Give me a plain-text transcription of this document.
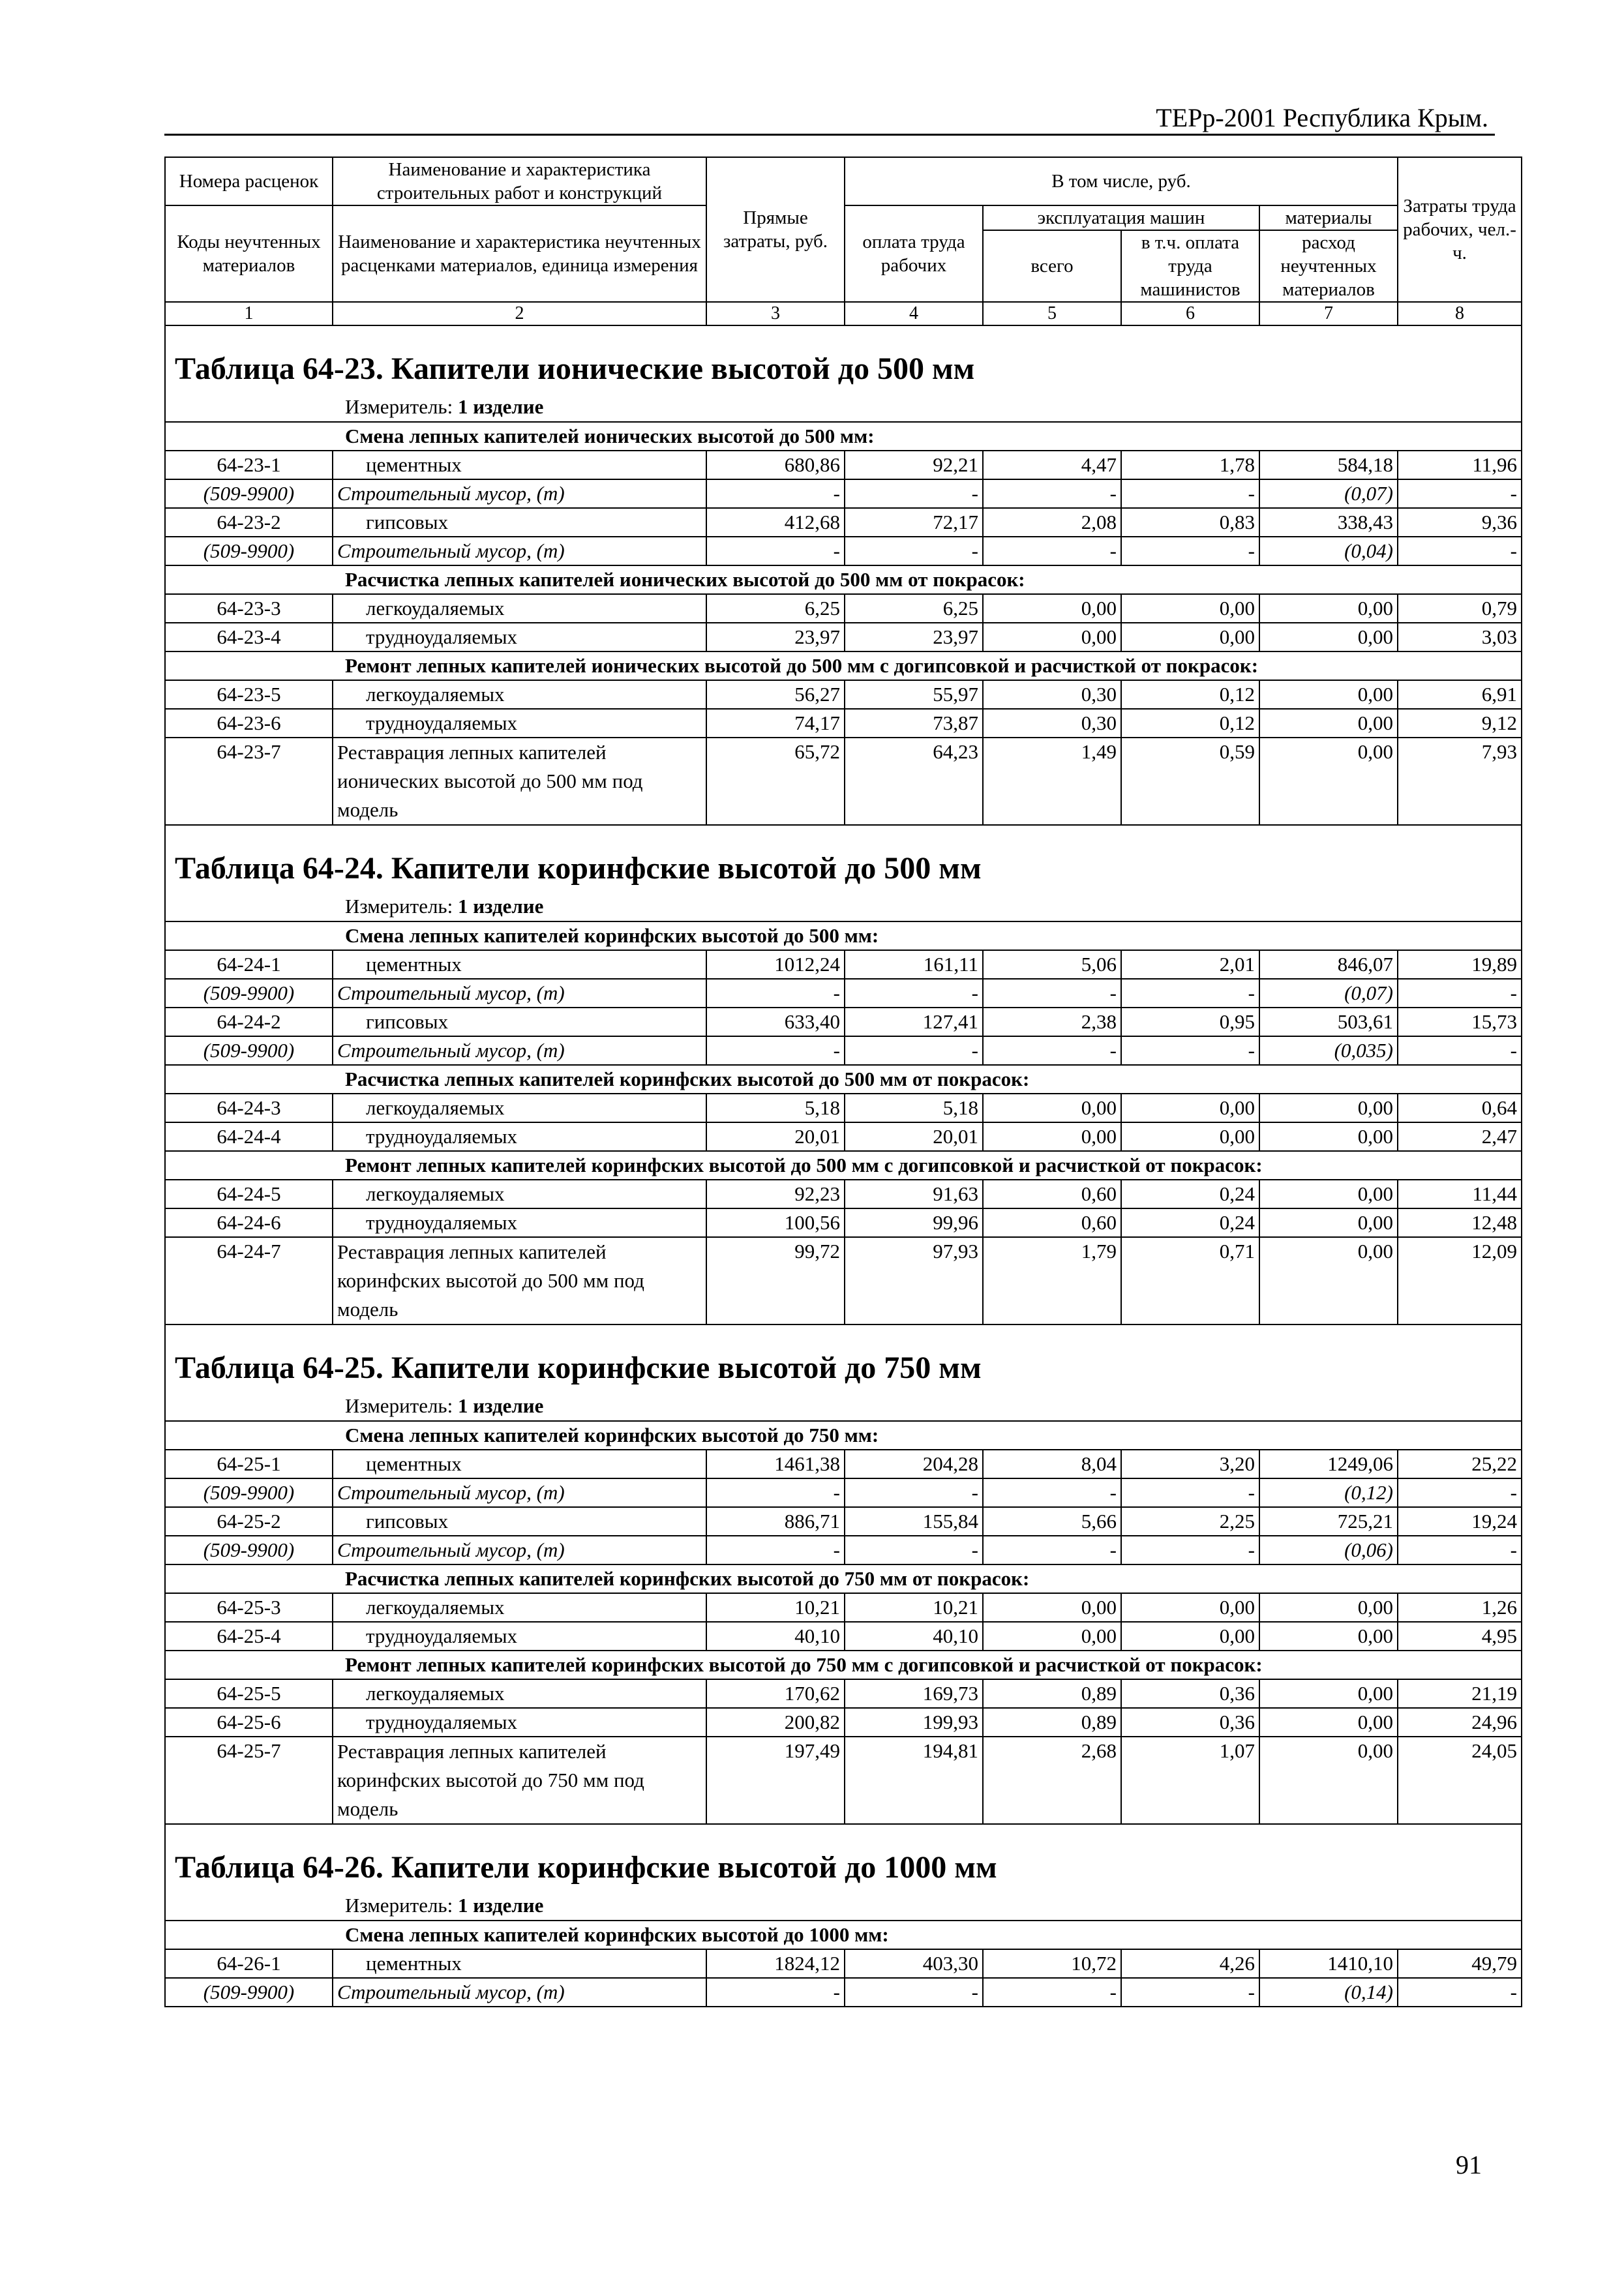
ТЕРр-2001 Республика Крым.
Номера расценок	Наименование и характеристика строительных работ и конструкций	Прямые затраты, руб.	В том числе, руб.				Затраты труда рабочих, чел.-ч.
Коды неучтенных материалов	Наименование и характеристика неучтенных расценками материалов, единица измерения		оплата труда рабочих	эксплуатация машин		материалы	
				всего	в т.ч. оплата труда машинистов	расход неучтенных материалов	
1	2	3	4	5	6	7	8
Таблица 64-23. Капители ионические высотой до 500 мм							
Измеритель: 1 изделие							
Смена лепных капителей ионических высотой до 500 мм:							
64-23-1	цементных	680,86	92,21	4,47	1,78	584,18	11,96
(509-9900)	Строительный мусор, (т)	-	-	-	-	(0,07)	-
64-23-2	гипсовых	412,68	72,17	2,08	0,83	338,43	9,36
(509-9900)	Строительный мусор, (т)	-	-	-	-	(0,04)	-
Расчистка лепных капителей ионических высотой до 500 мм от покрасок:							
64-23-3	легкоудаляемых	6,25	6,25	0,00	0,00	0,00	0,79
64-23-4	трудноудаляемых	23,97	23,97	0,00	0,00	0,00	3,03
Ремонт лепных капителей ионических высотой до 500 мм с догипсовкой и расчисткой от покрасок:							
64-23-5	легкоудаляемых	56,27	55,97	0,30	0,12	0,00	6,91
64-23-6	трудноудаляемых	74,17	73,87	0,30	0,12	0,00	9,12
64-23-7	Реставрация лепных капителей ионических высотой до 500 мм под модель	65,72	64,23	1,49	0,59	0,00	7,93
Таблица 64-24. Капители коринфские высотой до 500 мм							
Измеритель: 1 изделие							
Смена лепных капителей коринфских высотой до 500 мм:							
64-24-1	цементных	1012,24	161,11	5,06	2,01	846,07	19,89
(509-9900)	Строительный мусор, (т)	-	-	-	-	(0,07)	-
64-24-2	гипсовых	633,40	127,41	2,38	0,95	503,61	15,73
(509-9900)	Строительный мусор, (т)	-	-	-	-	(0,035)	-
Расчистка лепных капителей коринфских высотой до 500 мм от покрасок:							
64-24-3	легкоудаляемых	5,18	5,18	0,00	0,00	0,00	0,64
64-24-4	трудноудаляемых	20,01	20,01	0,00	0,00	0,00	2,47
Ремонт лепных капителей коринфских высотой до 500 мм с догипсовкой и расчисткой от покрасок:							
64-24-5	легкоудаляемых	92,23	91,63	0,60	0,24	0,00	11,44
64-24-6	трудноудаляемых	100,56	99,96	0,60	0,24	0,00	12,48
64-24-7	Реставрация лепных капителей коринфских высотой до 500 мм под модель	99,72	97,93	1,79	0,71	0,00	12,09
Таблица 64-25. Капители коринфские высотой до 750 мм							
Измеритель: 1 изделие							
Смена лепных капителей коринфских высотой до 750 мм:							
64-25-1	цементных	1461,38	204,28	8,04	3,20	1249,06	25,22
(509-9900)	Строительный мусор, (т)	-	-	-	-	(0,12)	-
64-25-2	гипсовых	886,71	155,84	5,66	2,25	725,21	19,24
(509-9900)	Строительный мусор, (т)	-	-	-	-	(0,06)	-
Расчистка лепных капителей коринфских высотой до 750 мм от покрасок:							
64-25-3	легкоудаляемых	10,21	10,21	0,00	0,00	0,00	1,26
64-25-4	трудноудаляемых	40,10	40,10	0,00	0,00	0,00	4,95
Ремонт лепных капителей коринфских высотой до 750 мм с догипсовкой и расчисткой от покрасок:							
64-25-5	легкоудаляемых	170,62	169,73	0,89	0,36	0,00	21,19
64-25-6	трудноудаляемых	200,82	199,93	0,89	0,36	0,00	24,96
64-25-7	Реставрация лепных капителей коринфских высотой до 750 мм под модель	197,49	194,81	2,68	1,07	0,00	24,05
Таблица 64-26. Капители коринфские высотой до 1000 мм							
Измеритель: 1 изделие							
Смена лепных капителей коринфских высотой до 1000 мм:							
64-26-1	цементных	1824,12	403,30	10,72	4,26	1410,10	49,79
(509-9900)	Строительный мусор, (т)	-	-	-	-	(0,14)	-
91
